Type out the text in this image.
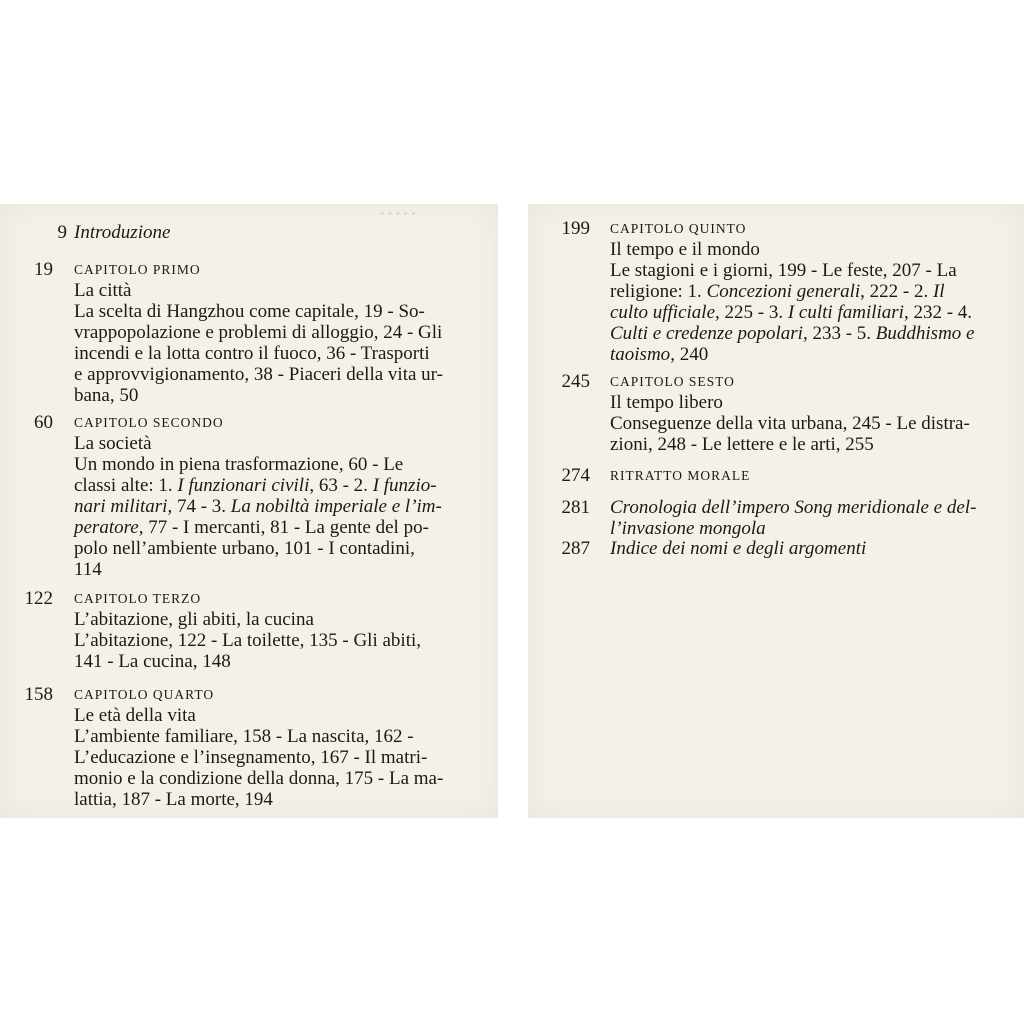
• • • • •
9 Introduzione
19 CAPITOLO PRIMO
La città
La scelta di Hangzhou come capitale, 19 - So-
vrappopolazione e problemi di alloggio, 24 - Gli
incendi e la lotta contro il fuoco, 36 - Trasporti
e approvvigionamento, 38 - Piaceri della vita ur-
bana, 50
60 CAPITOLO SECONDO
La società
Un mondo in piena trasformazione, 60 - Le
classi alte: 1. I funzionari civili, 63 - 2. I funzio-
nari militari, 74 - 3. La nobiltà imperiale e l’im-
peratore, 77 - I mercanti, 81 - La gente del po-
polo nell’ambiente urbano, 101 - I contadini,
114
122 CAPITOLO TERZO
L’abitazione, gli abiti, la cucina
L’abitazione, 122 - La toilette, 135 - Gli abiti,
141 - La cucina, 148
158 CAPITOLO QUARTO
Le età della vita
L’ambiente familiare, 158 - La nascita, 162 -
L’educazione e l’insegnamento, 167 - Il matri-
monio e la condizione della donna, 175 - La ma-
lattia, 187 - La morte, 194
199 CAPITOLO QUINTO
Il tempo e il mondo
Le stagioni e i giorni, 199 - Le feste, 207 - La
religione: 1. Concezioni generali, 222 - 2. Il
culto ufficiale, 225 - 3. I culti familiari, 232 - 4.
Culti e credenze popolari, 233 - 5. Buddhismo e
taoismo, 240
245 CAPITOLO SESTO
Il tempo libero
Conseguenze della vita urbana, 245 - Le distra-
zioni, 248 - Le lettere e le arti, 255
274 RITRATTO MORALE
281 Cronologia dell’impero Song meridionale e del-
l’invasione mongola
287 Indice dei nomi e degli argomenti
